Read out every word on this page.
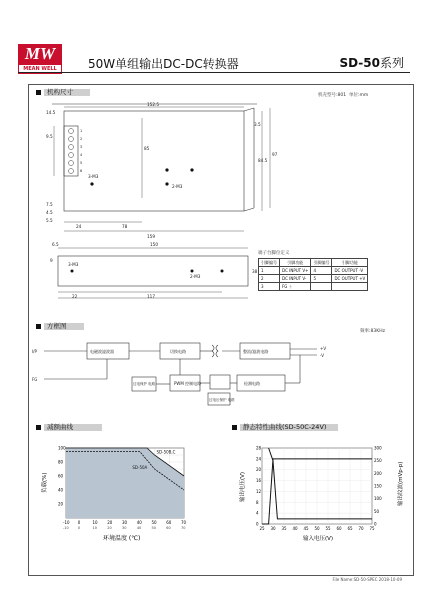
MW
MEAN WELL	50W单组输出DC-DC转换器	SD-50系列
机构尺寸	机壳型号:801 单位:mm
152.5
85
97
84.5
3.5
14.5
4.5
7.5
9.5
3-M3
24	78
159
2-M3
5.5
1
2
3
4
5
6
6.5	150
38
3-M3
2-M3
22	117
9
端子台脚位定义
引脚编号	引脚功能	引脚编号	引脚功能
1	DC INPUT V+	4	DC OUTPUT -V
2	DC INPUT V-	5	DC OUTPUT +V
3	FG ⏚		
方框图
频率:83KHz
I/P
FG
+V
-V
电磁波滤波器	切换电路	整流/滤波电路
PWM 控制电路	检测电路
过电保护 电路
过电压保护 电路
减额曲线	静态特性曲线(SD-50C-24V)
SD-50B,C
SD-50A
20
40
60
80
100
-10 0	10 20 30 40 50 60 70
-10	0	10	20	30	40	50	60	70
环境温度 (℃)
负载(%)
0
4
8
12
16
20
24
28
0
50
100
150
200
250
300
25 30 35 40 45 50 55 60 65 70 75
输入电压(V)
输出电压(V)	输出纹波(mVp-p)
File Name:SD-50-SPEC 2018-10-09
